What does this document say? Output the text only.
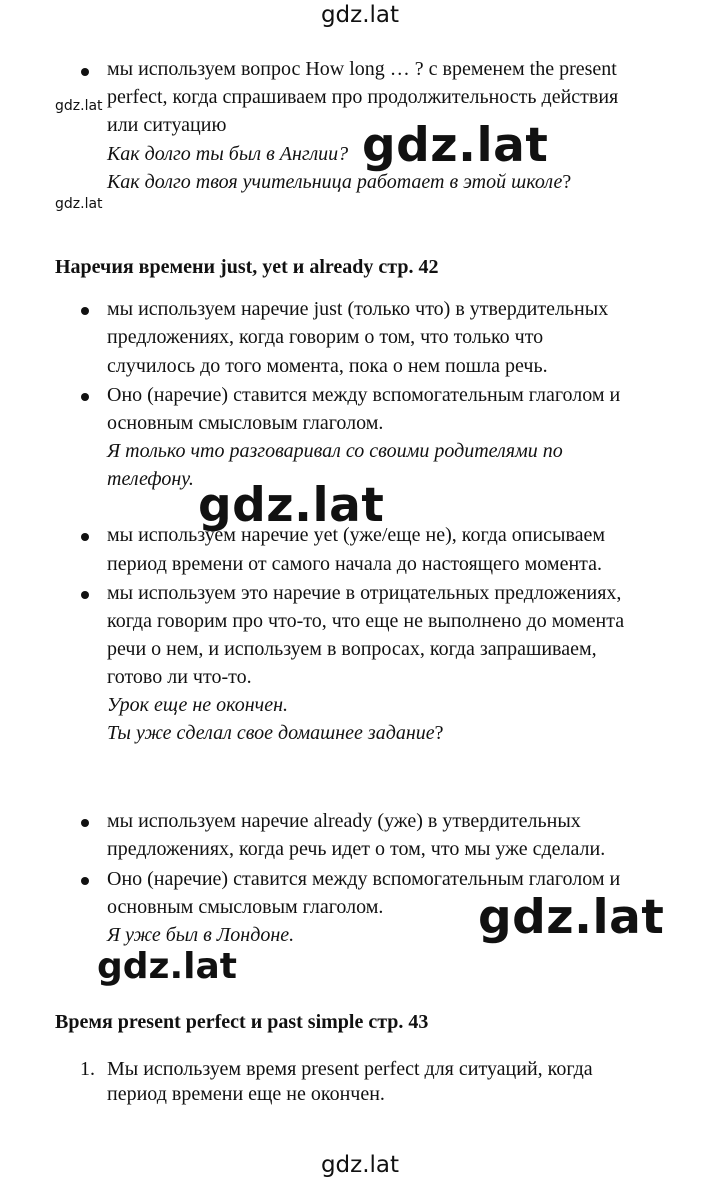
gdz.lat
gdz.lat
gdz.lat
мы используем вопрос How long … ? с временем the present
perfect, когда спрашиваем про продолжительность действия
или ситуацию
Как долго ты был в Англии?
Как долго твоя учительница работает в этой школе?
gdz.lat
Наречия времени just, yet и already стр. 42
мы используем наречие just (только что) в утвердительных
предложениях, когда говорим о том, что только что
случилось до того момента, пока о нем пошла речь.
Оно (наречие) ставится между вспомогательным глаголом и
основным смысловым глаголом.
Я только что разговаривал со своими родителями по
телефону. gdz.lat
мы используем наречие yet (уже/еще не), когда описываем
период времени от самого начала до настоящего момента.
мы используем это наречие в отрицательных предложениях,
когда говорим про что-то, что еще не выполнено до момента
речи о нем, и используем в вопросах, когда запрашиваем,
готово ли что-то.
Урок еще не окончен.
Ты уже сделал свое домашнее задание?
мы используем наречие already (уже) в утвердительных
предложениях, когда речь идет о том, что мы уже сделали.
Оно (наречие) ставится между вспомогательным глаголом и
основным смысловым глаголом.
Я уже был в Лондоне.	gdz.lat
gdz.lat
Время present perfect и past simple стр. 43
1. Мы используем время present perfect для ситуаций, когда
период времени еще не окончен.
gdz.lat
